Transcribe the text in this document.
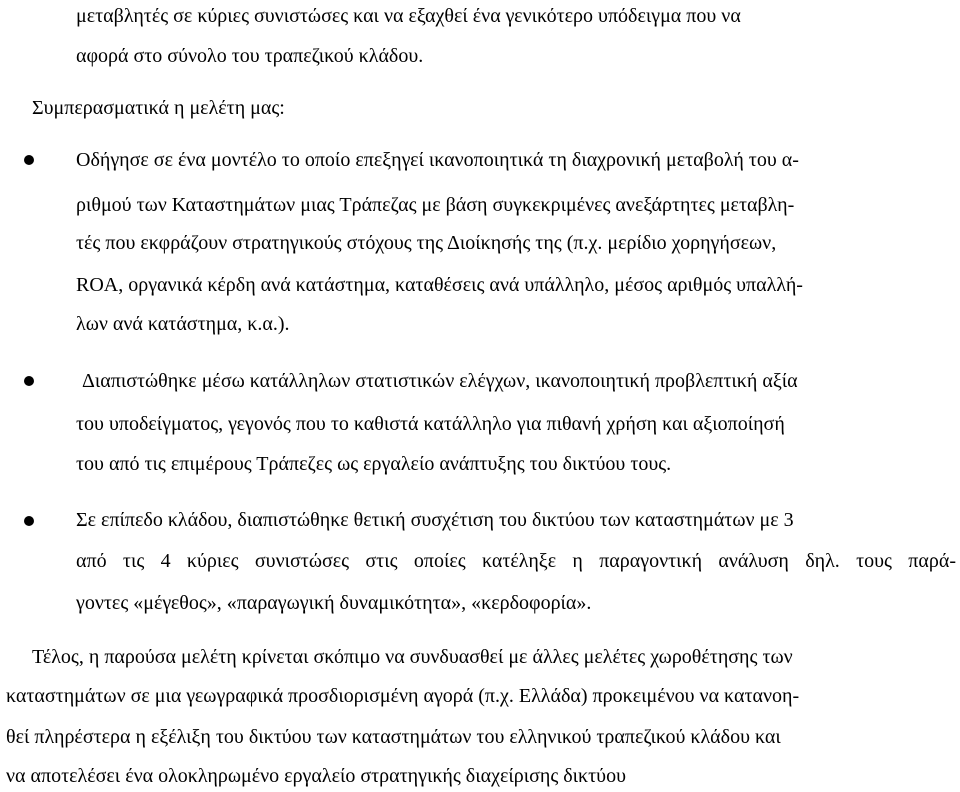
μεταβλητές σε κύριες συνιστώσες και να εξαχθεί ένα γενικότερο υπόδειγμα που να
αφορά στο σύνολο του τραπεζικού κλάδου.
Συμπερασματικά η μελέτη μας:
Οδήγησε σε ένα μοντέλο το οποίο επεξηγεί ικανοποιητικά τη διαχρονική μεταβολή του α-
ριθμού των Καταστημάτων μιας Τράπεζας με βάση συγκεκριμένες ανεξάρτητες μεταβλη-
τές που εκφράζουν στρατηγικούς στόχους της Διοίκησής της (π.χ. μερίδιο χορηγήσεων,
ROA, οργανικά κέρδη ανά κατάστημα, καταθέσεις ανά υπάλληλο, μέσος αριθμός υπαλλή-
λων ανά κατάστημα, κ.α.).
Διαπιστώθηκε μέσω κατάλληλων στατιστικών ελέγχων, ικανοποιητική προβλεπτική αξία
του υποδείγματος, γεγονός που το καθιστά κατάλληλο για πιθανή χρήση και αξιοποίησή
του από τις επιμέρους Τράπεζες ως εργαλείο ανάπτυξης του δικτύου τους.
Σε επίπεδο κλάδου, διαπιστώθηκε θετική συσχέτιση του δικτύου των καταστημάτων με 3
από τις 4 κύριες συνιστώσες στις οποίες κατέληξε η παραγοντική ανάλυση δηλ. τους παρά-
γοντες «μέγεθος», «παραγωγική δυναμικότητα», «κερδοφορία».
Τέλος, η παρούσα μελέτη κρίνεται σκόπιμο να συνδυασθεί με άλλες μελέτες χωροθέτησης των
καταστημάτων σε μια γεωγραφικά προσδιορισμένη αγορά (π.χ. Ελλάδα) προκειμένου να κατανοη-
θεί πληρέστερα η εξέλιξη του δικτύου των καταστημάτων του ελληνικού τραπεζικού κλάδου και
να αποτελέσει ένα ολοκληρωμένο εργαλείο στρατηγικής διαχείρισης δικτύου
